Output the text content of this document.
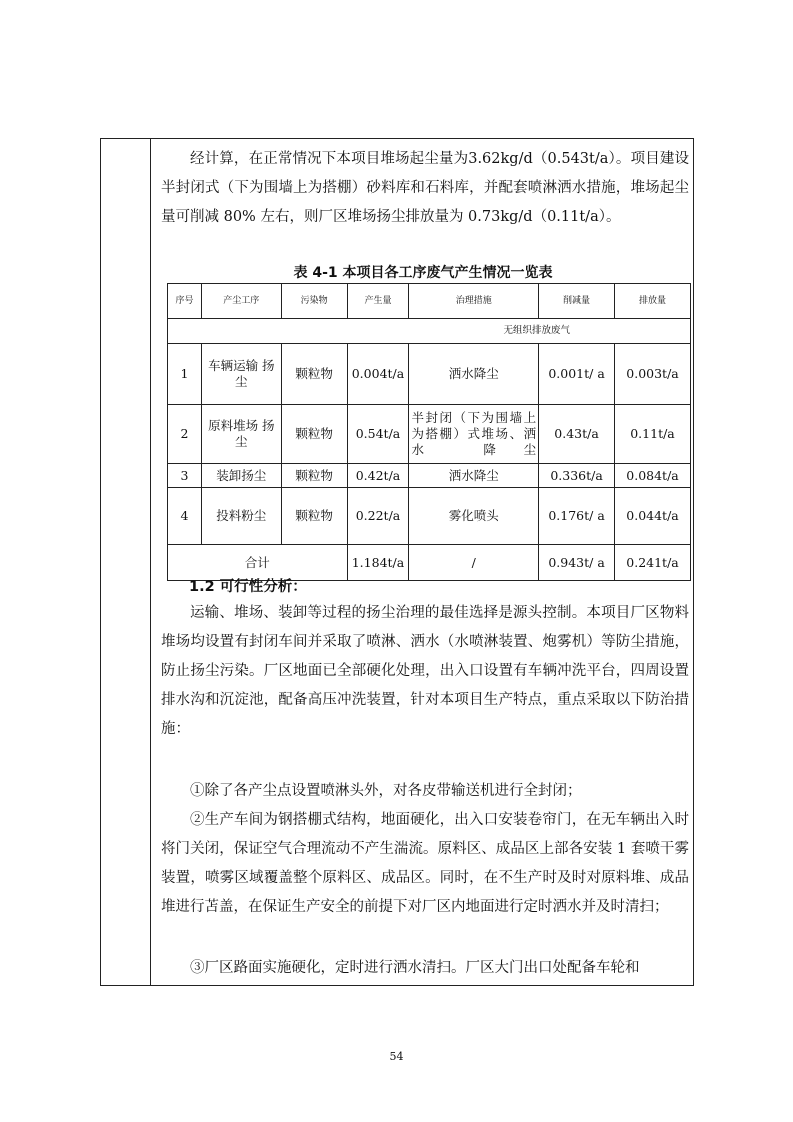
经计算，在正常情况下本项目堆场起尘量为3.62kg/d（0.543t/a）。项目建设半封闭式（下为围墙上为搭棚）砂料库和石料库，并配套喷淋洒水措施，堆场起尘量可削减 80% 左右，则厂区堆场扬尘排放量为 0.73kg/d（0.11t/a）。

表 4-1 本项目各工序废气产生情况一览表
序号	产尘工序	污染物	产生量	治理措施	削减量	排放量
无组织排放废气						
1	车辆运输 扬尘	颗粒物	0.004t/a	洒水降尘	0.001t/ a	0.003t/a
2	原料堆场 扬尘	颗粒物	0.54t/a	半封闭（下为围墙上为搭棚）式堆场、洒水 降尘	0.43t/a	0.11t/a
3	装卸扬尘	颗粒物	0.42t/a	洒水降尘	0.336t/a	0.084t/a
4	投料粉尘	颗粒物	0.22t/a	雾化喷头	0.176t/ a	0.044t/a
合计			1.184t/a	/	0.943t/ a	0.241t/a
1.2 可行性分析：

运输、堆场、装卸等过程的扬尘治理的最佳选择是源头控制。本项目厂区物料堆场均设置有封闭车间并采取了喷淋、洒水（水喷淋装置、炮雾机）等防尘措施，防止扬尘污染。厂区地面已全部硬化处理，出入口设置有车辆冲洗平台，四周设置排水沟和沉淀池，配备高压冲洗装置，针对本项目生产特点，重点采取以下防治措施：

①除了各产尘点设置喷淋头外，对各皮带输送机进行全封闭；

②生产车间为钢搭棚式结构，地面硬化，出入口安装卷帘门，在无车辆出入时将门关闭，保证空气合理流动不产生湍流。原料区、成品区上部各安装 1 套喷干雾装置，喷雾区域覆盖整个原料区、成品区。同时，在不生产时及时对原料堆、成品堆进行苫盖，在保证生产安全的前提下对厂区内地面进行定时洒水并及时清扫；

③厂区路面实施硬化，定时进行洒水清扫。厂区大门出口处配备车轮和

54
